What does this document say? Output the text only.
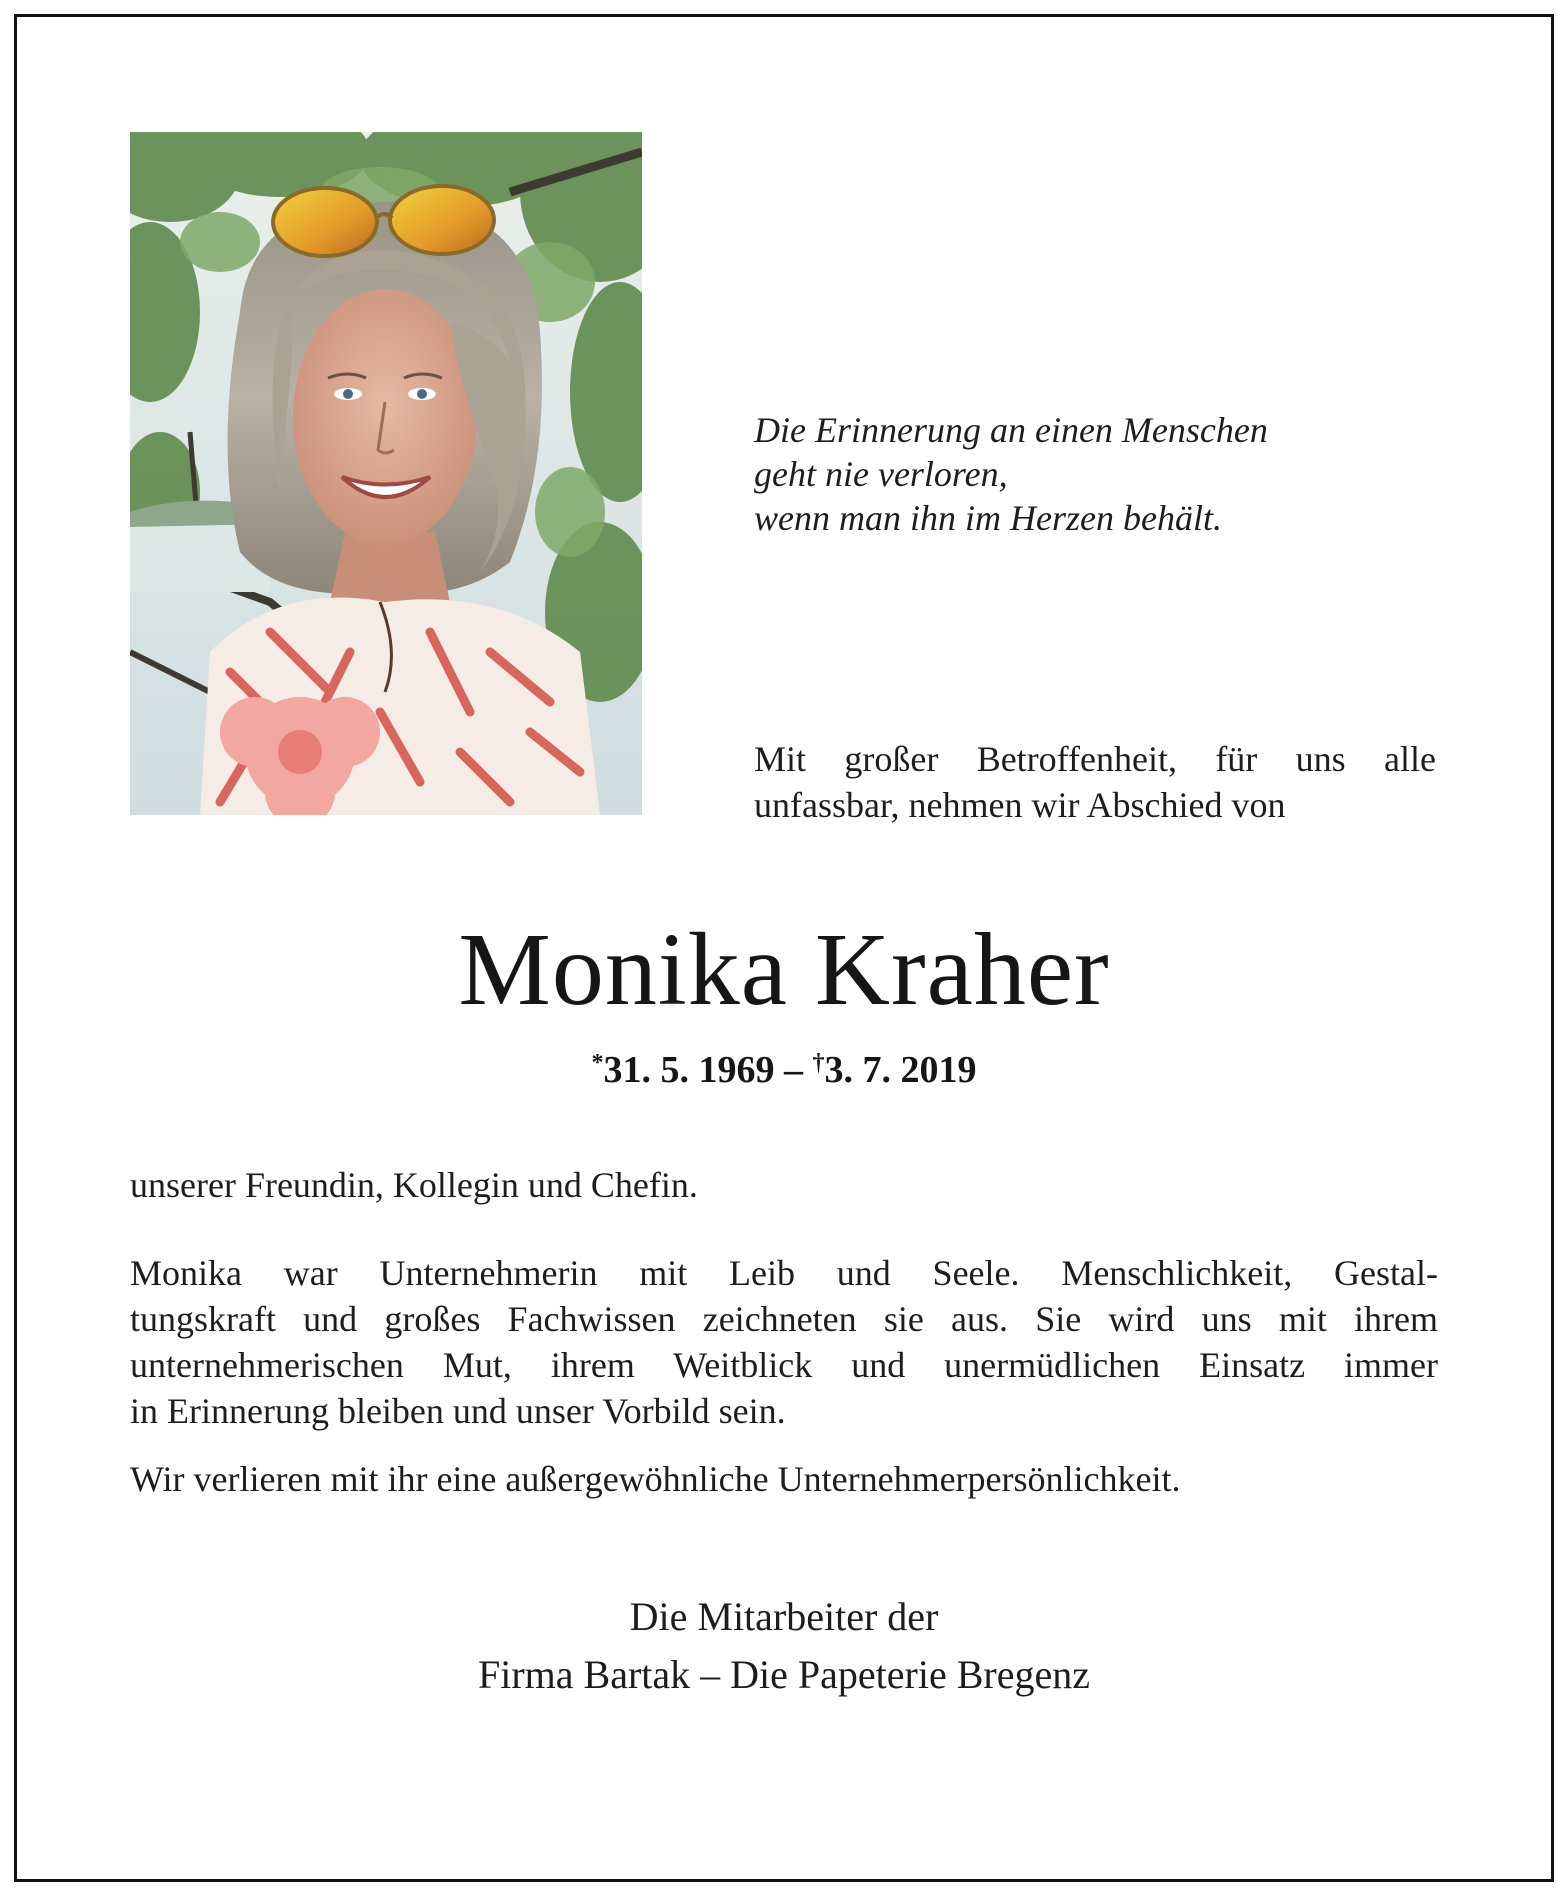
Die Erinnerung an einen Menschen
geht nie verloren,
wenn man ihn im Herzen behält.
Mit großer Betroffenheit, für uns alle
unfassbar, nehmen wir Abschied von
Monika Kraher
*31. 5. 1969 – †3. 7. 2019
unserer Freundin, Kollegin und Chefin.
Monika war Unternehmerin mit Leib und Seele. Menschlichkeit, Gestal-
tungskraft und großes Fachwissen zeichneten sie aus. Sie wird uns mit ihrem
unternehmerischen Mut, ihrem Weitblick und unermüdlichen Einsatz immer
in Erinnerung bleiben und unser Vorbild sein.
Wir verlieren mit ihr eine außergewöhnliche Unternehmerpersönlichkeit.
Die Mitarbeiter der
Firma Bartak – Die Papeterie Bregenz
